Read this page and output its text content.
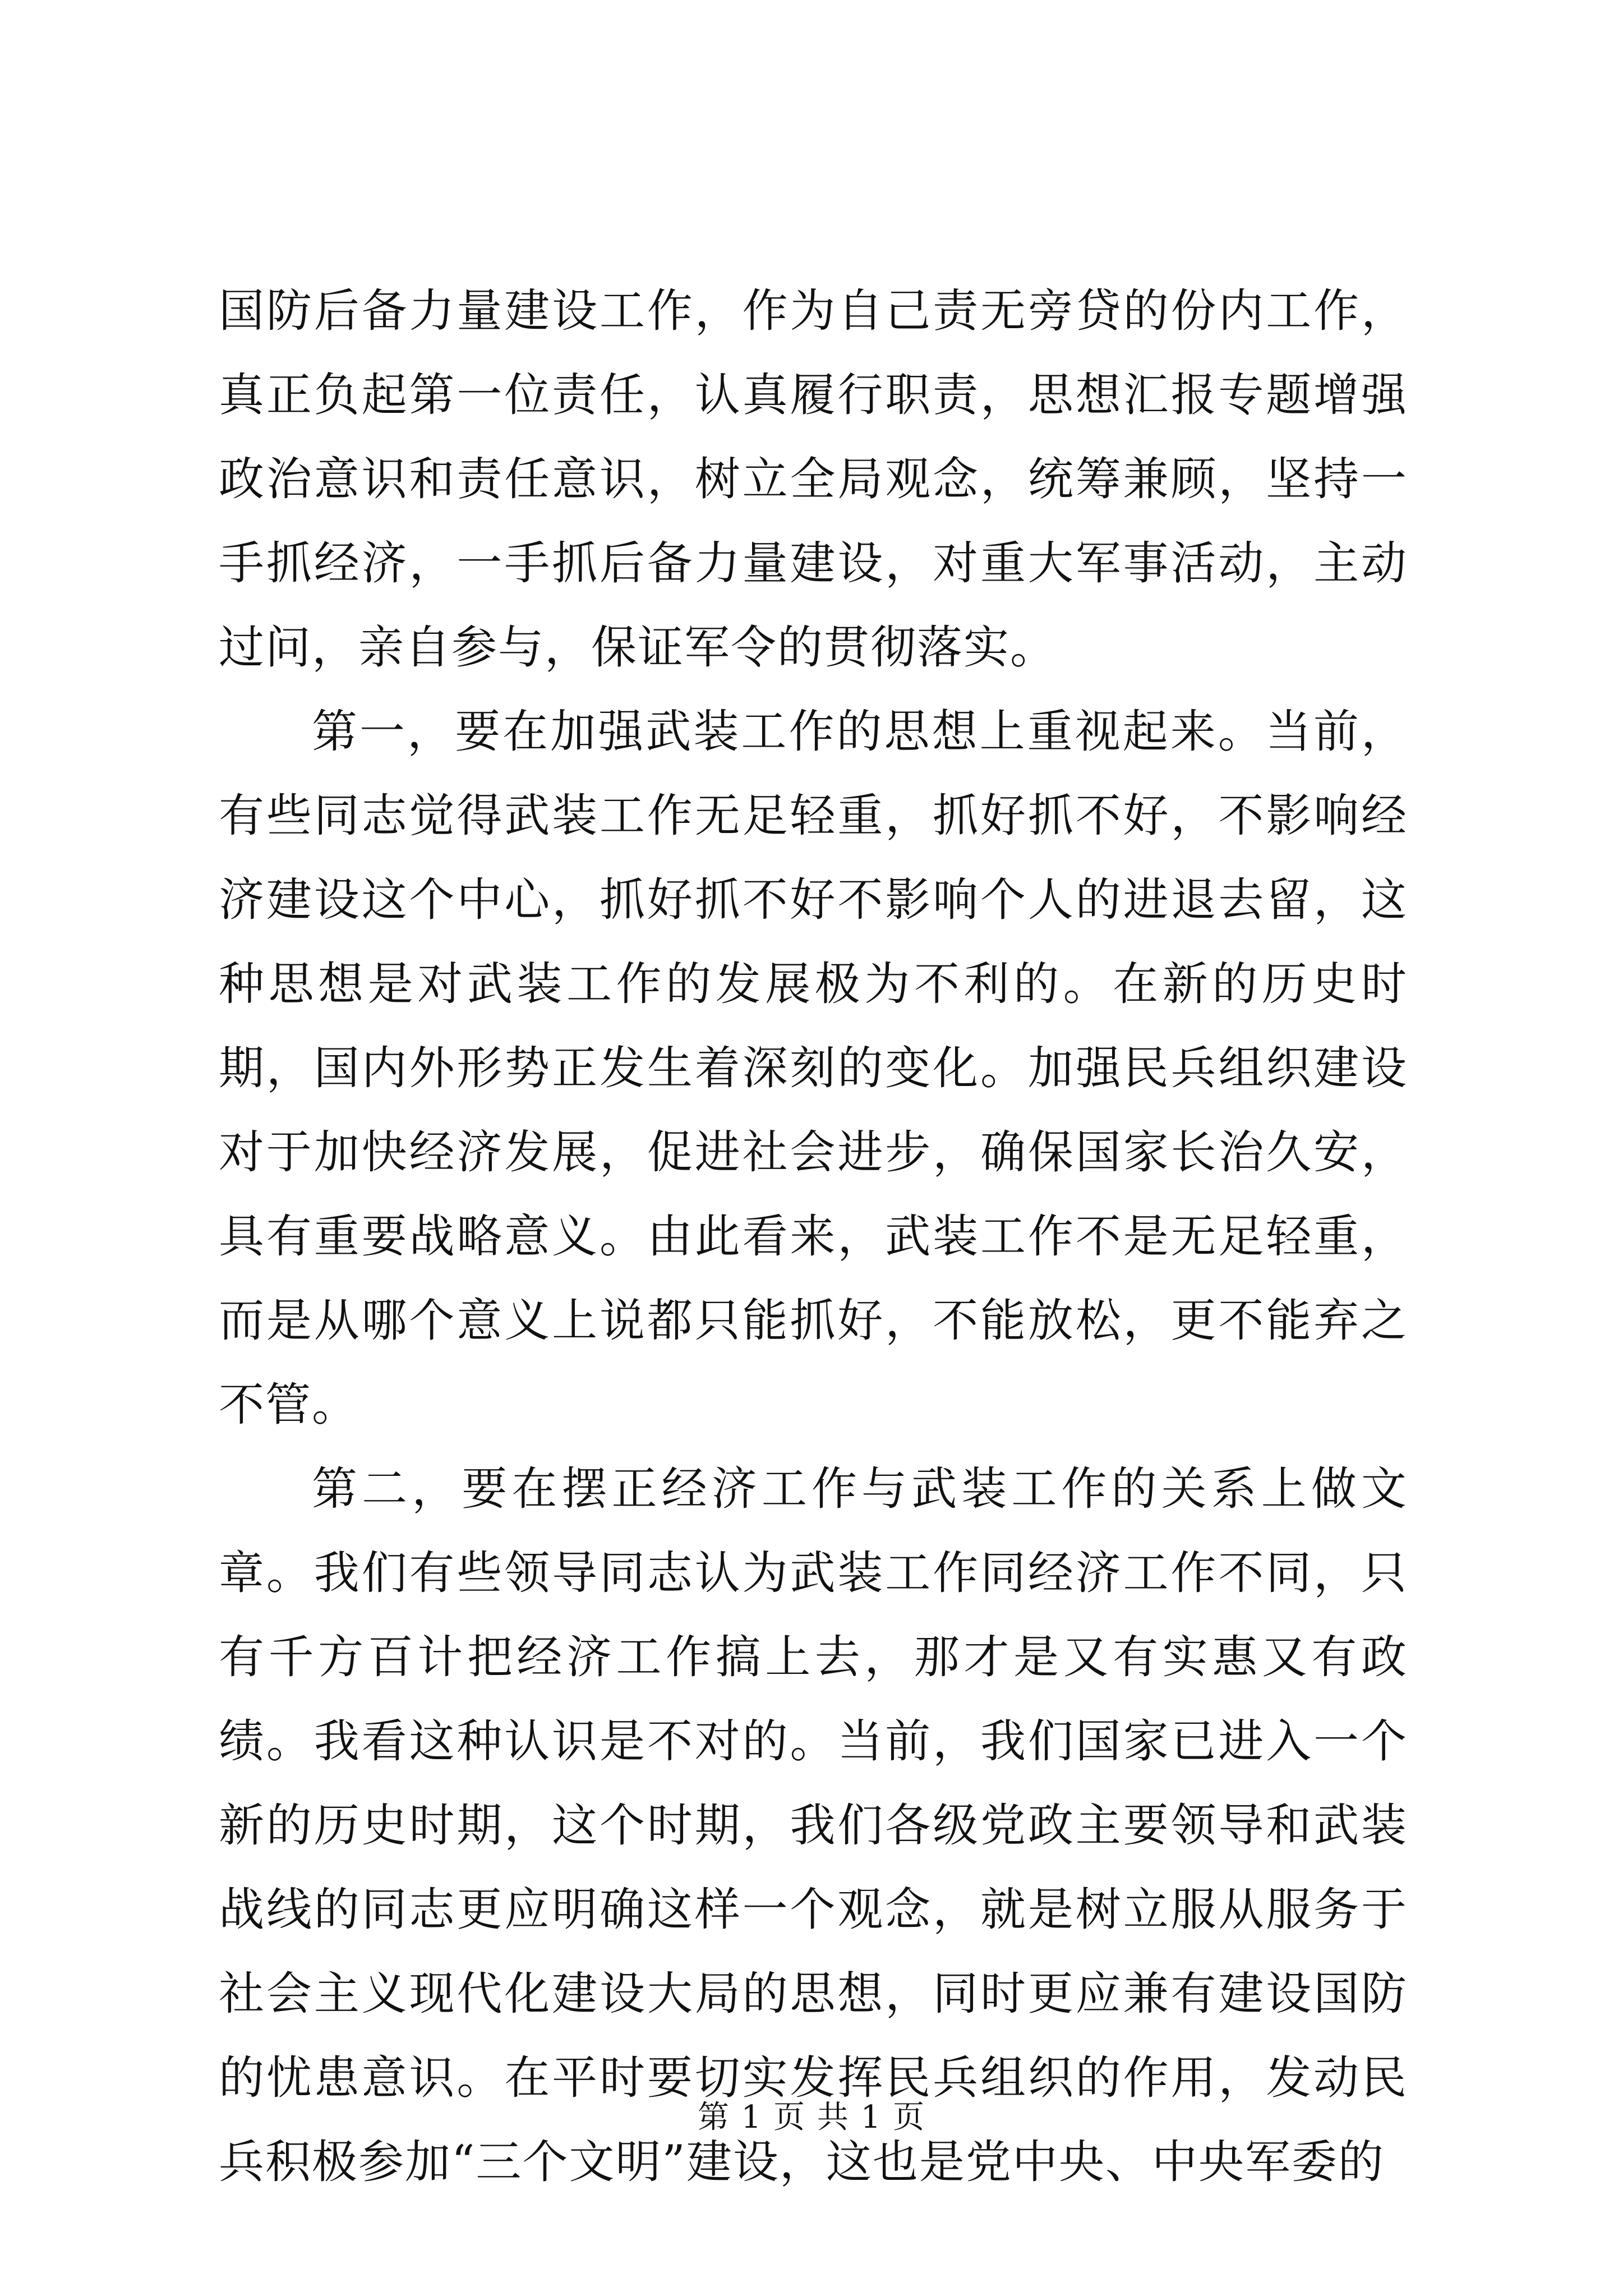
国防后备力量建设工作，作为自己责无旁贷的份内工作，真正负起第一位责任，认真履行职责，思想汇报专题增强政治意识和责任意识，树立全局观念，统筹兼顾，坚持一手抓经济，一手抓后备力量建设，对重大军事活动，主动过问，亲自参与，保证军令的贯彻落实。

第一，要在加强武装工作的思想上重视起来。当前，有些同志觉得武装工作无足轻重，抓好抓不好，不影响经济建设这个中心，抓好抓不好不影响个人的进退去留，这种思想是对武装工作的发展极为不利的。在新的历史时期，国内外形势正发生着深刻的变化。加强民兵组织建设对于加快经济发展，促进社会进步，确保国家长治久安，具有重要战略意义。由此看来，武装工作不是无足轻重，而是从哪个意义上说都只能抓好，不能放松，更不能弃之不管。

第二，要在摆正经济工作与武装工作的关系上做文章。我们有些领导同志认为武装工作同经济工作不同，只有千方百计把经济工作搞上去，那才是又有实惠又有政绩。我看这种认识是不对的。当前，我们国家已进入一个新的历史时期，这个时期，我们各级党政主要领导和武装战线的同志更应明确这样一个观念，就是树立服从服务于社会主义现代化建设大局的思想，同时更应兼有建设国防的忧患意识。在平时要切实发挥民兵组织的作用，发动民兵积极参加“三个文明”建设，这也是党中央、中央军委的

第 1 页 共 1 页
